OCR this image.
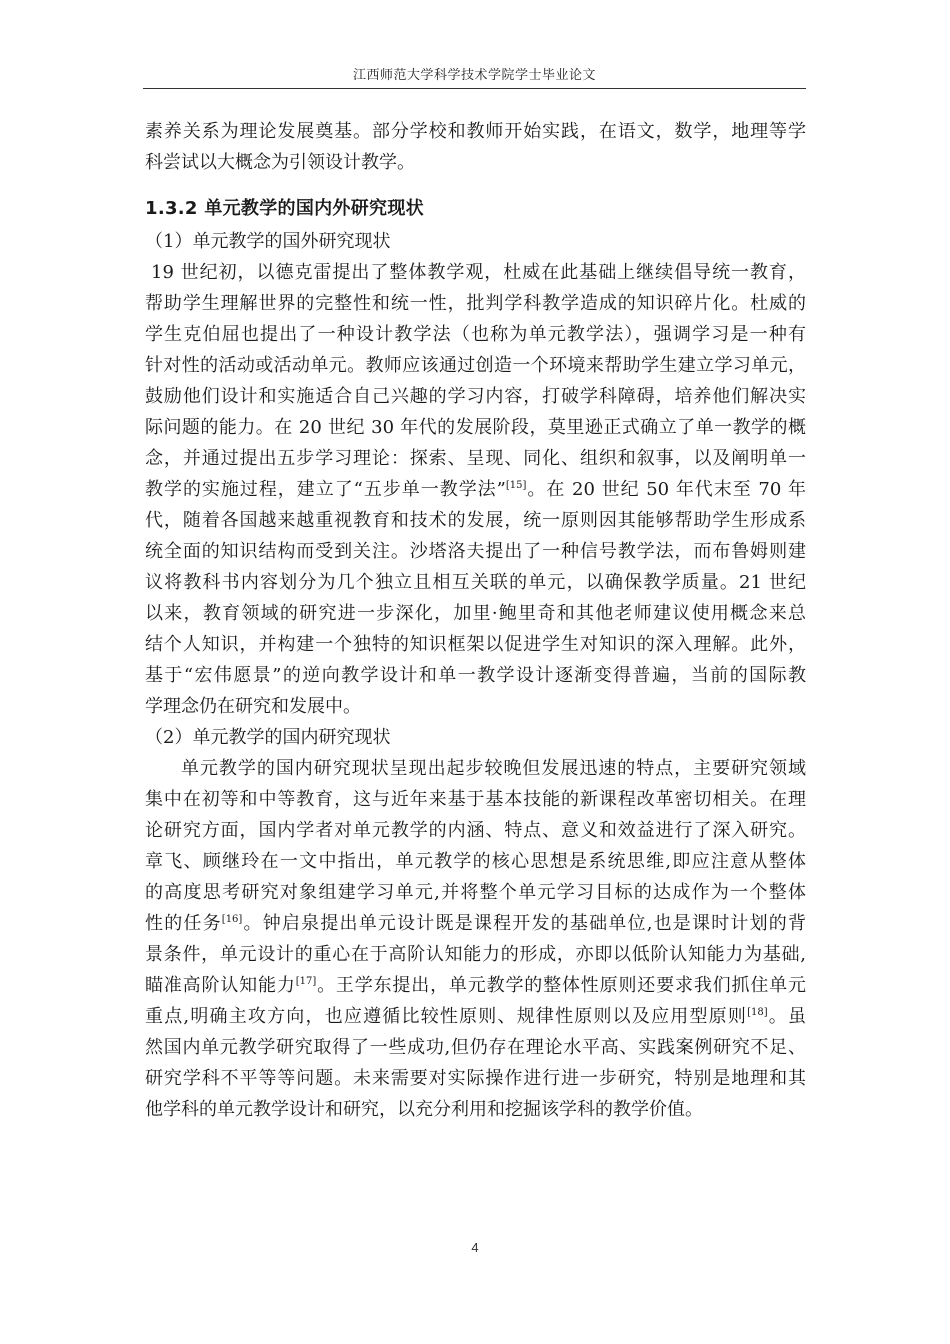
江西师范大学科学技术学院学士毕业论文
素养关系为理论发展奠基。部分学校和教师开始实践，在语文，数学，地理等学
科尝试以大概念为引领设计教学。
1.3.2 单元教学的国内外研究现状
（1）单元教学的国外研究现状
19 世纪初，以德克雷提出了整体教学观，杜威在此基础上继续倡导统一教育，
帮助学生理解世界的完整性和统一性，批判学科教学造成的知识碎片化。杜威的
学生克伯屈也提出了一种设计教学法（也称为单元教学法），强调学习是一种有
针对性的活动或活动单元。教师应该通过创造一个环境来帮助学生建立学习单元，
鼓励他们设计和实施适合自己兴趣的学习内容，打破学科障碍，培养他们解决实
际问题的能力。在 20 世纪 30 年代的发展阶段，莫里逊正式确立了单一教学的概
念，并通过提出五步学习理论：探索、呈现、同化、组织和叙事，以及阐明单一
教学的实施过程，建立了“五步单一教学法”[15]。在 20 世纪 50 年代末至 70 年
代，随着各国越来越重视教育和技术的发展，统一原则因其能够帮助学生形成系
统全面的知识结构而受到关注。沙塔洛夫提出了一种信号教学法，而布鲁姆则建
议将教科书内容划分为几个独立且相互关联的单元，以确保教学质量。21 世纪
以来，教育领域的研究进一步深化，加里·鲍里奇和其他老师建议使用概念来总
结个人知识，并构建一个独特的知识框架以促进学生对知识的深入理解。此外，
基于“宏伟愿景”的逆向教学设计和单一教学设计逐渐变得普遍，当前的国际教
学理念仍在研究和发展中。
（2）单元教学的国内研究现状
单元教学的国内研究现状呈现出起步较晚但发展迅速的特点，主要研究领域
集中在初等和中等教育，这与近年来基于基本技能的新课程改革密切相关。在理
论研究方面，国内学者对单元教学的内涵、特点、意义和效益进行了深入研究。
章飞、顾继玲在一文中指出，单元教学的核心思想是系统思维,即应注意从整体
的高度思考研究对象组建学习单元,并将整个单元学习目标的达成作为一个整体
性的任务[16]。钟启泉提出单元设计既是课程开发的基础单位,也是课时计划的背
景条件，单元设计的重心在于高阶认知能力的形成，亦即以低阶认知能力为基础,
瞄准高阶认知能力[17]。王学东提出，单元教学的整体性原则还要求我们抓住单元
重点,明确主攻方向，也应遵循比较性原则、规律性原则以及应用型原则[18]。虽
然国内单元教学研究取得了一些成功,但仍存在理论水平高、实践案例研究不足、
研究学科不平等等问题。未来需要对实际操作进行进一步研究，特别是地理和其
他学科的单元教学设计和研究，以充分利用和挖掘该学科的教学价值。
4
